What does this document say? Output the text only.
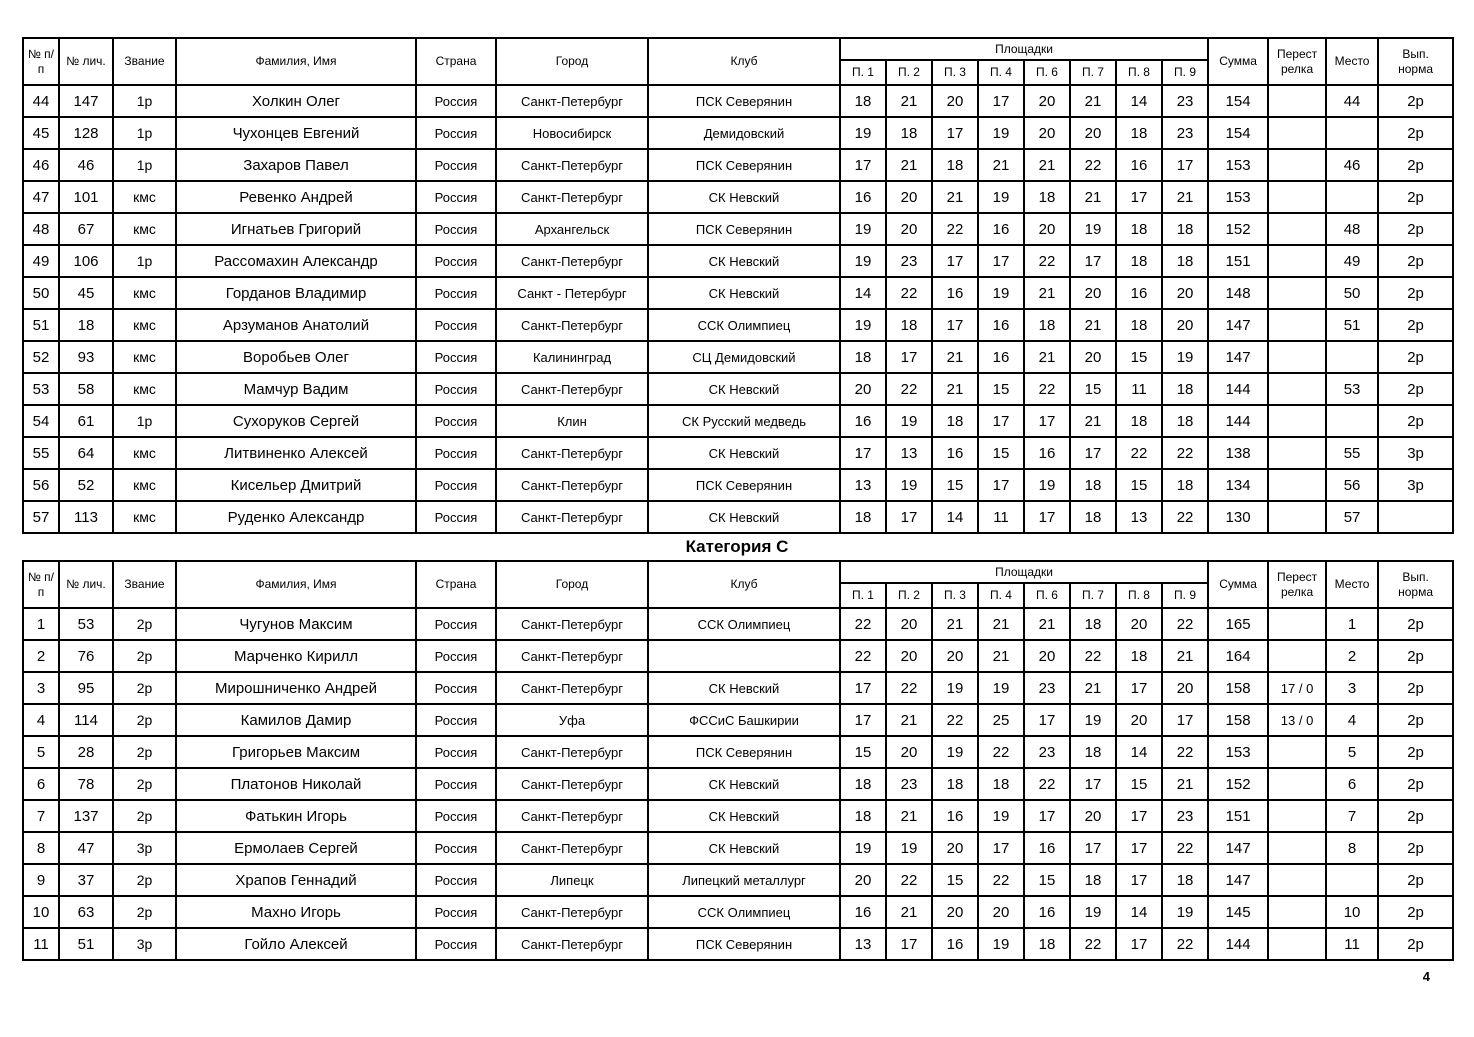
№ п/п	№ лич.	Звание	Фамилия, Имя	Страна	Город	Клуб	Площадки								Сумма	Перест релка	Место	Вып. норма

							П. 1	П. 2	П. 3	П. 4	П. 6	П. 7	П. 8	П. 9				
44	147	1р	Холкин Олег	Россия	Санкт-Петербург	ПСК Северянин	18	21	20	17	20	21	14	23	154		44	2р
45	128	1р	Чухонцев Евгений	Россия	Новосибирск	Демидовский	19	18	17	19	20	20	18	23	154			2р
46	46	1р	Захаров Павел	Россия	Санкт-Петербург	ПСК Северянин	17	21	18	21	21	22	16	17	153		46	2р
47	101	кмс	Ревенко Андрей	Россия	Санкт-Петербург	СК Невский	16	20	21	19	18	21	17	21	153			2р
48	67	кмс	Игнатьев Григорий	Россия	Архангельск	ПСК Северянин	19	20	22	16	20	19	18	18	152		48	2р
49	106	1р	Рассомахин Александр	Россия	Санкт-Петербург	СК Невский	19	23	17	17	22	17	18	18	151		49	2р
50	45	кмс	Горданов Владимир	Россия	Санкт - Петербург	СК Невский	14	22	16	19	21	20	16	20	148		50	2р
51	18	кмс	Арзуманов Анатолий	Россия	Санкт-Петербург	ССК Олимпиец	19	18	17	16	18	21	18	20	147		51	2р
52	93	кмс	Воробьев Олег	Россия	Калининград	СЦ Демидовский	18	17	21	16	21	20	15	19	147			2р
53	58	кмс	Мамчур Вадим	Россия	Санкт-Петербург	СК Невский	20	22	21	15	22	15	11	18	144		53	2р
54	61	1р	Сухоруков Сергей	Россия	Клин	СК Русский медведь	16	19	18	17	17	21	18	18	144			2р
55	64	кмс	Литвиненко Алексей	Россия	Санкт-Петербург	СК Невский	17	13	16	15	16	17	22	22	138		55	3р
56	52	кмс	Кисельер Дмитрий	Россия	Санкт-Петербург	ПСК Северянин	13	19	15	17	19	18	15	18	134		56	3р
57	113	кмс	Руденко Александр	Россия	Санкт-Петербург	СК Невский	18	17	14	11	17	18	13	22	130		57	
Категория С
№ п/п	№ лич.	Звание	Фамилия, Имя	Страна	Город	Клуб	Площадки								Сумма	Перест релка	Место	Вып. норма

							П. 1	П. 2	П. 3	П. 4	П. 6	П. 7	П. 8	П. 9				
1	53	2р	Чугунов Максим	Россия	Санкт-Петербург	ССК Олимпиец	22	20	21	21	21	18	20	22	165		1	2р
2	76	2р	Марченко Кирилл	Россия	Санкт-Петербург		22	20	20	21	20	22	18	21	164		2	2р
3	95	2р	Мирошниченко Андрей	Россия	Санкт-Петербург	СК Невский	17	22	19	19	23	21	17	20	158	17 / 0	3	2р
4	114	2р	Камилов Дамир	Россия	Уфа	ФССиС Башкирии	17	21	22	25	17	19	20	17	158	13 / 0	4	2р
5	28	2р	Григорьев Максим	Россия	Санкт-Петербург	ПСК Северянин	15	20	19	22	23	18	14	22	153		5	2р
6	78	2р	Платонов Николай	Россия	Санкт-Петербург	СК Невский	18	23	18	18	22	17	15	21	152		6	2р
7	137	2р	Фатькин Игорь	Россия	Санкт-Петербург	СК Невский	18	21	16	19	17	20	17	23	151		7	2р
8	47	3р	Ермолаев Сергей	Россия	Санкт-Петербург	СК Невский	19	19	20	17	16	17	17	22	147		8	2р
9	37	2р	Храпов Геннадий	Россия	Липецк	Липецкий металлург	20	22	15	22	15	18	17	18	147			2р
10	63	2р	Махно Игорь	Россия	Санкт-Петербург	ССК Олимпиец	16	21	20	20	16	19	14	19	145		10	2р
11	51	3р	Гойло Алексей	Россия	Санкт-Петербург	ПСК Северянин	13	17	16	19	18	22	17	22	144		11	2р
4
